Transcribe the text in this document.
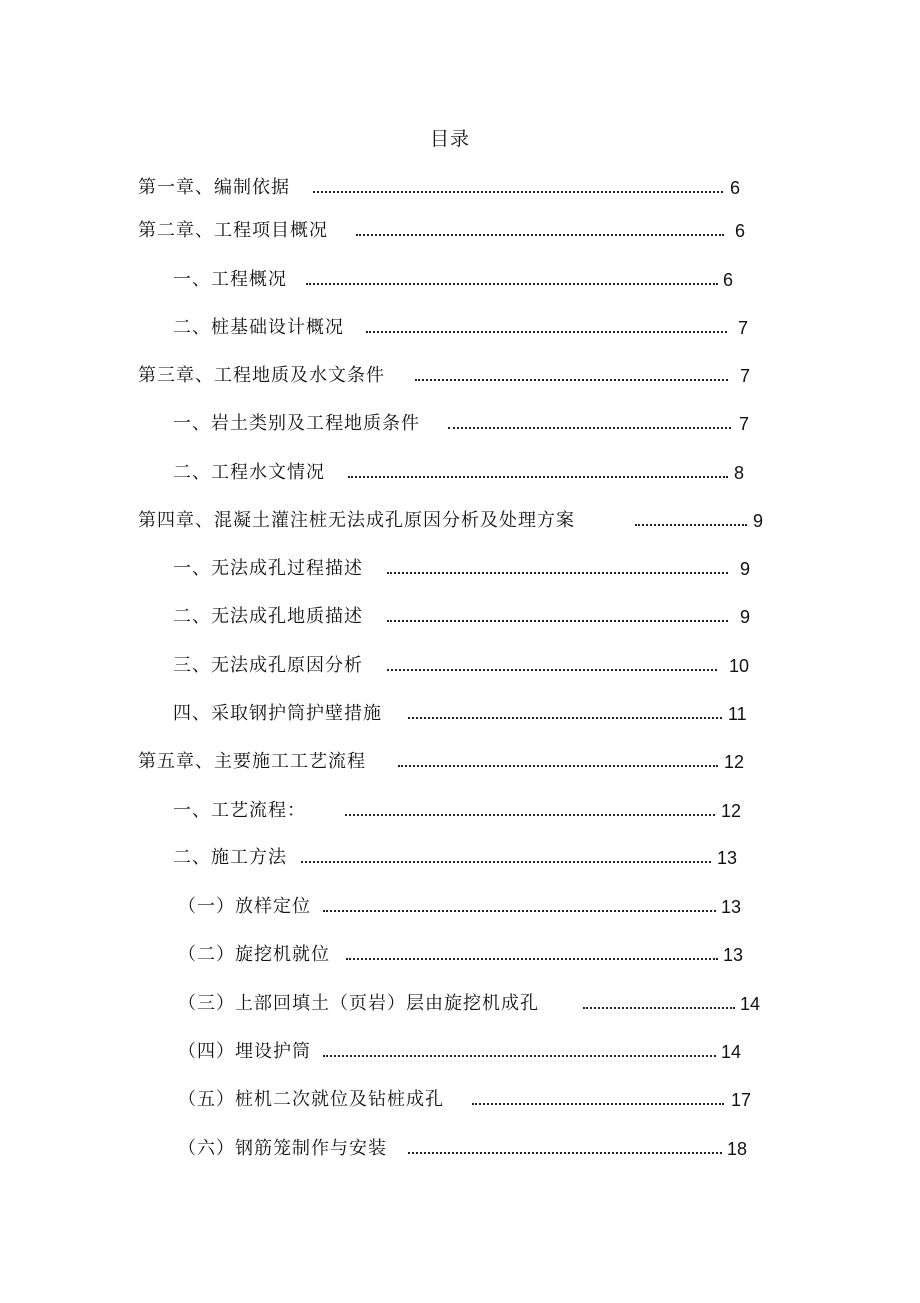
目录
第一章、编制依据	6
第二章、工程项目概况	6
一、工程概况	6
二、桩基础设计概况	7
第三章、工程地质及水文条件	7
一、岩土类别及工程地质条件	7
二、工程水文情况	8
第四章、混凝土灌注桩无法成孔原因分析及处理方案	9
一、无法成孔过程描述	9
二、无法成孔地质描述	9
三、无法成孔原因分析	10
四、采取钢护筒护壁措施	11
第五章、主要施工工艺流程	12
一、工艺流程：	12
二、施工方法	13
（一）放样定位	13
（二）旋挖机就位	13
（三）上部回填土（页岩）层由旋挖机成孔	14
（四）埋设护筒	14
（五）桩机二次就位及钻桩成孔	17
（六）钢筋笼制作与安装	18
